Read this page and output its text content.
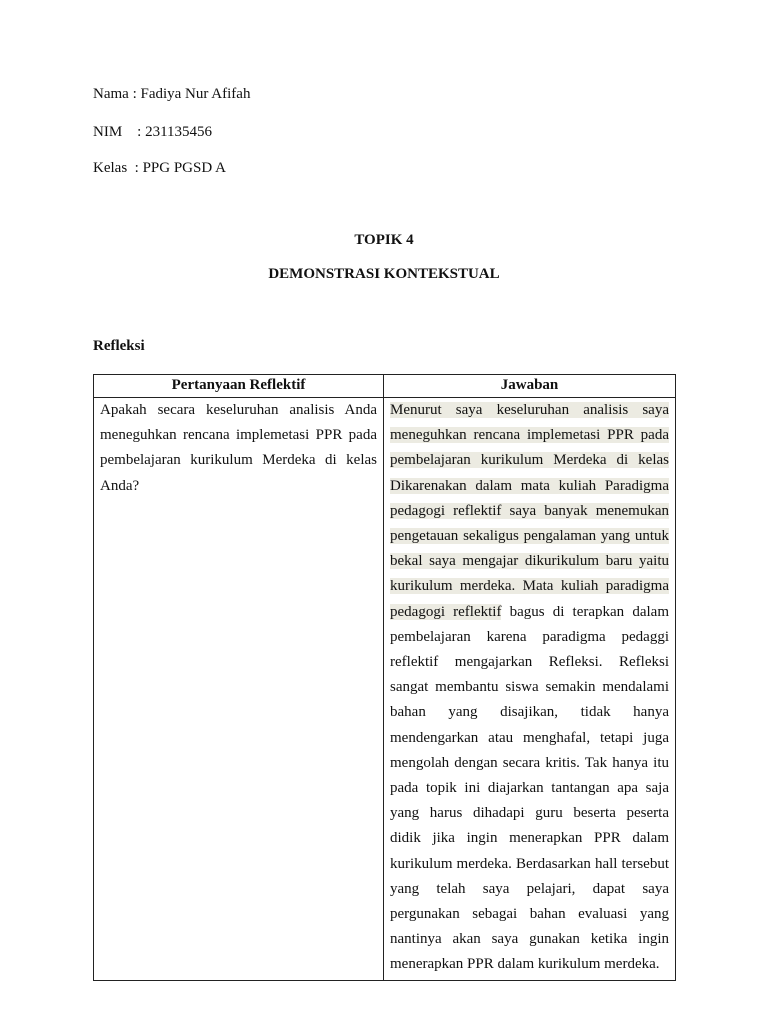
Nama : Fadiya Nur Afifah
NIM    : 231135456
Kelas  : PPG PGSD A
TOPIK 4
DEMONSTRASI KONTEKSTUAL
Refleksi
Pertanyaan Reflektif	Jawaban
Apakah secara keseluruhan analisis Anda meneguhkan rencana implemetasi PPR pada pembelajaran kurikulum Merdeka di kelas Anda?	Menurut saya keseluruhan analisis saya meneguhkan rencana implemetasi PPR pada pembelajaran kurikulum Merdeka di kelas Dikarenakan dalam mata kuliah Paradigma pedagogi reflektif saya banyak menemukan pengetauan sekaligus pengalaman yang untuk bekal saya mengajar dikurikulum baru yaitu kurikulum merdeka. Mata kuliah paradigma pedagogi reflektif bagus di terapkan dalam pembelajaran karena paradigma pedaggi reflektif mengajarkan Refleksi. Refleksi sangat membantu siswa semakin mendalami bahan yang disajikan, tidak hanya mendengarkan atau menghafal, tetapi juga mengolah dengan secara kritis. Tak hanya itu pada topik ini diajarkan tantangan apa saja yang harus dihadapi guru beserta peserta didik jika ingin menerapkan PPR dalam kurikulum merdeka. Berdasarkan hall tersebut yang telah saya pelajari, dapat saya pergunakan sebagai bahan evaluasi yang nantinya akan saya gunakan ketika ingin menerapkan PPR dalam kurikulum merdeka.
